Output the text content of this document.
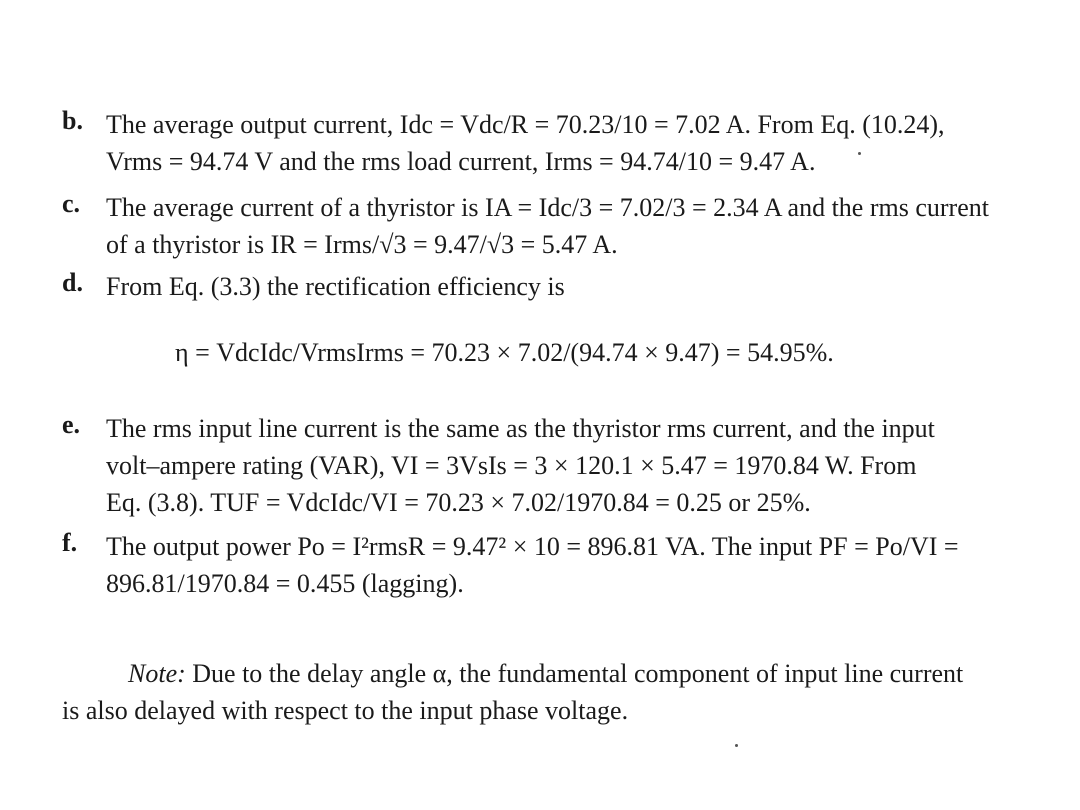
b. The average output current, Idc = Vdc/R = 70.23/10 = 7.02 A. From Eq. (10.24),
Vrms = 94.74 V and the rms load current, Irms = 94.74/10 = 9.47 A.
c. The average current of a thyristor is IA = Idc/3 = 7.02/3 = 2.34 A and the rms current
of a thyristor is IR = Irms/√3 = 9.47/√3 = 5.47 A.
d. From Eq. (3.3) the rectification efficiency is
η = VdcIdc/VrmsIrms = 70.23 × 7.02/(94.74 × 9.47) = 54.95%.
e. The rms input line current is the same as the thyristor rms current, and the input
volt–ampere rating (VAR), VI = 3VsIs = 3 × 120.1 × 5.47 = 1970.84 W. From
Eq. (3.8). TUF = VdcIdc/VI = 70.23 × 7.02/1970.84 = 0.25 or 25%.
f. The output power Po = I²rmsR = 9.47² × 10 = 896.81 VA. The input PF = Po/VI =
896.81/1970.84 = 0.455 (lagging).
Note: Due to the delay angle α, the fundamental component of input line current
is also delayed with respect to the input phase voltage.
